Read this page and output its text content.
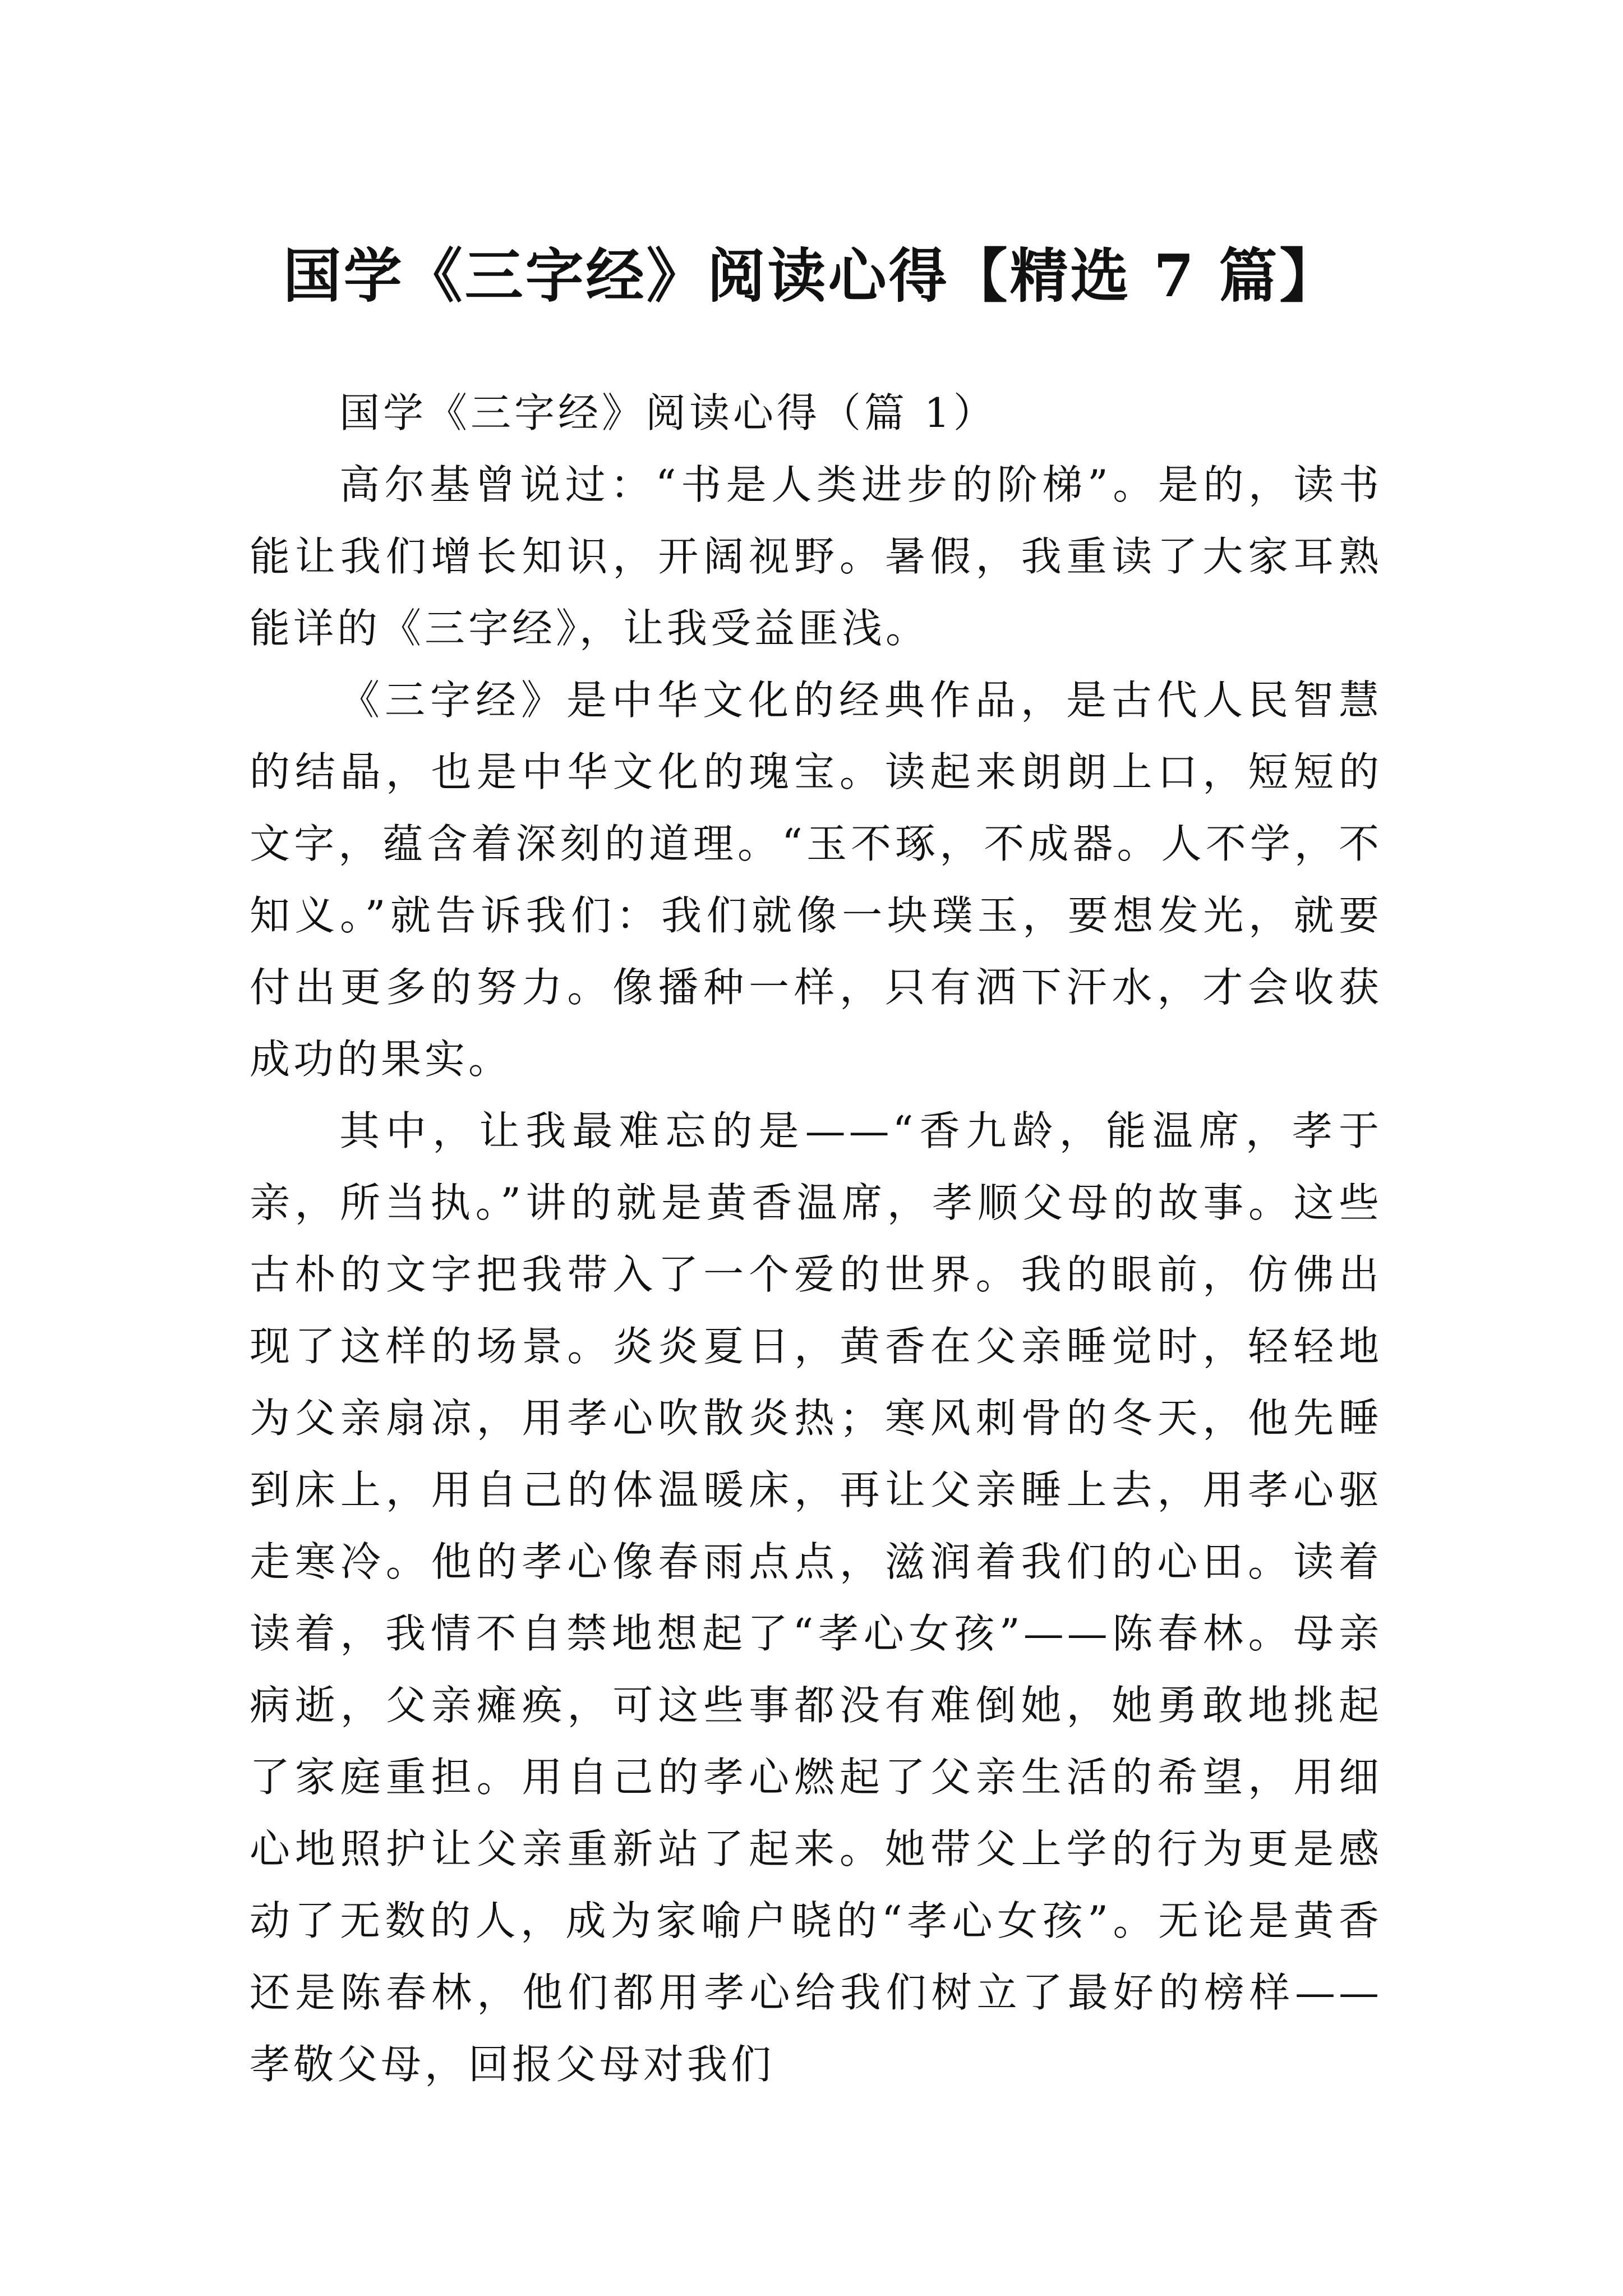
国学《三字经》阅读心得【精选 7 篇】
国学《三字经》阅读心得（篇 1）

高尔基曾说过：“书是人类进步的阶梯”。是的，读书能让我们增长知识，开阔视野。暑假，我重读了大家耳熟能详的《三字经》，让我受益匪浅。

《三字经》是中华文化的经典作品，是古代人民智慧的结晶，也是中华文化的瑰宝。读起来朗朗上口，短短的文字，蕴含着深刻的道理。“玉不琢，不成器。人不学，不知义。”就告诉我们：我们就像一块璞玉，要想发光，就要付出更多的努力。像播种一样，只有洒下汗水，才会收获成功的果实。

其中，让我最难忘的是——“香九龄，能温席，孝于亲，所当执。”讲的就是黄香温席，孝顺父母的故事。这些古朴的文字把我带入了一个爱的世界。我的眼前，仿佛出现了这样的场景。炎炎夏日，黄香在父亲睡觉时，轻轻地为父亲扇凉，用孝心吹散炎热；寒风刺骨的冬天，他先睡到床上，用自己的体温暖床，再让父亲睡上去，用孝心驱走寒冷。他的孝心像春雨点点，滋润着我们的心田。读着读着，我情不自禁地想起了“孝心女孩”——陈春林。母亲病逝，父亲瘫痪，可这些事都没有难倒她，她勇敢地挑起了家庭重担。用自己的孝心燃起了父亲生活的希望，用细心地照护让父亲重新站了起来。她带父上学的行为更是感动了无数的人，成为家喻户晓的“孝心女孩”。无论是黄香还是陈春林，他们都用孝心给我们树立了最好的榜样——孝敬父母，回报父母对我们
